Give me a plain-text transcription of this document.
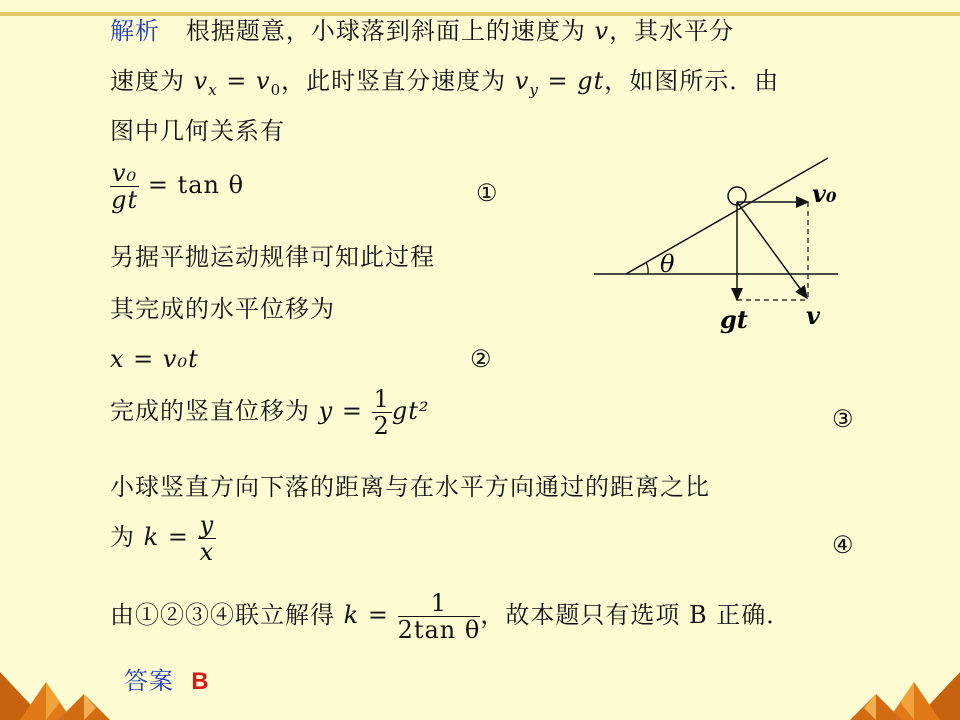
解析 根据题意，小球落到斜面上的速度为 v，其水平分
速度为 $v_x = v_0$，此时竖直分速度为 $v_y$ = gt，如图所示．由
图中几何关系有
$\frac{\text{v₀}}{gt} = \tan \theta$	①
另据平抛运动规律可知此过程
其完成的水平位移为
x = v₀t	②
完成的竖直位移为 $y = \frac{1}{2} gt^2$	③
小球竖直方向下落的距离与在水平方向通过的距离之比
为 $k = \frac{y}{x}$	④
由①②③④联立解得 $k = \frac{1}{\text{2tan θ}}$ ，故本题只有选项 B 正确．
答案 B
θ
v₀
gt v
